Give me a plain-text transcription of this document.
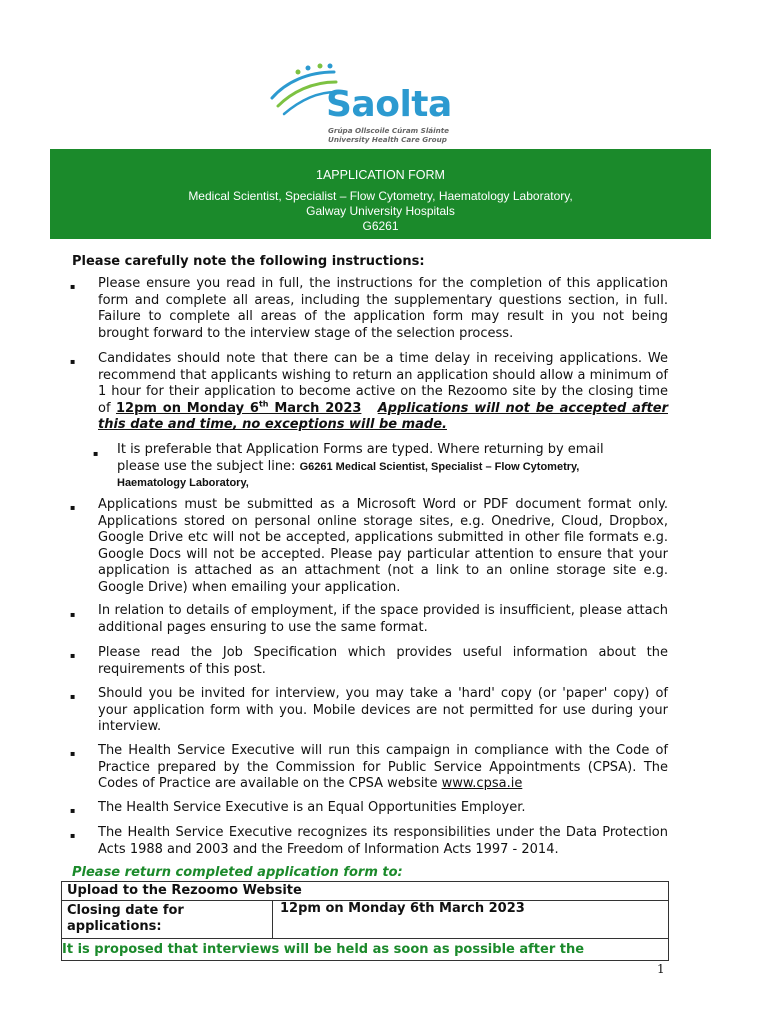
Saolta
Grúpa Ollscoile Cúram Sláinte
University Health Care Group
1APPLICATION FORM
Medical Scientist, Specialist – Flow Cytometry, Haematology Laboratory,
Galway University Hospitals
G6261
Please carefully note the following instructions:
▪ Please ensure you read in full, the instructions for the completion of this application form and complete all areas, including the supplementary questions section, in full. Failure to complete all areas of the application form may result in you not being brought forward to the interview stage of the selection process.
▪ Candidates should note that there can be a time delay in receiving applications. We recommend that applicants wishing to return an application should allow a minimum of 1 hour for their application to become active on the Rezoomo site by the closing time of 12pm on Monday 6th March 2023 Applications will not be accepted after this date and time, no exceptions will be made.
▪ It is preferable that Application Forms are typed. Where returning by email please use the subject line: G6261 Medical Scientist, Specialist – Flow Cytometry, Haematology Laboratory,
▪ Applications must be submitted as a Microsoft Word or PDF document format only. Applications stored on personal online storage sites, e.g. Onedrive, Cloud, Dropbox, Google Drive etc will not be accepted, applications submitted in other file formats e.g. Google Docs will not be accepted. Please pay particular attention to ensure that your application is attached as an attachment (not a link to an online storage site e.g. Google Drive) when emailing your application.
▪ In relation to details of employment, if the space provided is insufficient, please attach additional pages ensuring to use the same format.
▪ Please read the Job Specification which provides useful information about the requirements of this post.
▪ Should you be invited for interview, you may take a 'hard' copy (or 'paper' copy) of your application form with you. Mobile devices are not permitted for use during your interview.
▪ The Health Service Executive will run this campaign in compliance with the Code of Practice prepared by the Commission for Public Service Appointments (CPSA). The Codes of Practice are available on the CPSA website www.cpsa.ie
▪ The Health Service Executive is an Equal Opportunities Employer.
▪ The Health Service Executive recognizes its responsibilities under the Data Protection Acts 1988 and 2003 and the Freedom of Information Acts 1997 - 2014.
Please return completed application form to:
Upload to the Rezoomo Website
Closing date for applications:
12pm on Monday 6th March 2023
It is proposed that interviews will be held as soon as possible after the
1
